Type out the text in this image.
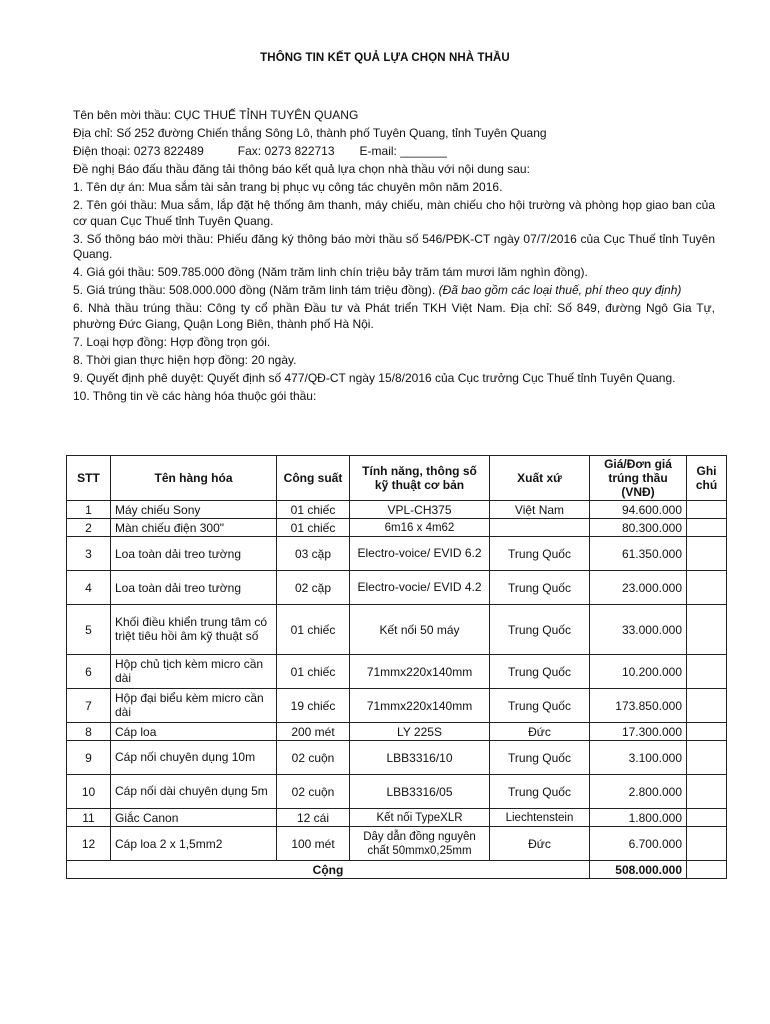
THÔNG TIN KẾT QUẢ LỰA CHỌN NHÀ THẦU

Tên bên mời thầu: CỤC THUẾ TỈNH TUYÊN QUANG

Địa chỉ: Số 252 đường Chiến thắng Sông Lô, thành phố Tuyên Quang, tỉnh Tuyên Quang

Điện thoại: 0273 822489	Fax: 0273 822713 E-mail: _______

Đề nghị Báo đấu thầu đăng tải thông báo kết quả lựa chọn nhà thầu với nội dung sau:

1. Tên dự án: Mua sắm tài sản trang bị phục vụ công tác chuyên môn năm 2016.

2. Tên gói thầu: Mua sắm, lắp đặt hệ thống âm thanh, máy chiếu, màn chiếu cho hội trường và phòng họp giao ban của cơ quan Cục Thuế tỉnh Tuyên Quang.

3. Số thông báo mời thầu: Phiếu đăng ký thông báo mời thầu số 546/PĐK-CT ngày 07/7/2016 của Cục Thuế tỉnh Tuyên Quang.

4. Giá gói thầu: 509.785.000 đồng (Năm trăm linh chín triệu bảy trăm tám mươi lăm nghìn đồng).

5. Giá trúng thầu: 508.000.000 đồng (Năm trăm linh tám triệu đồng). (Đã bao gồm các loại thuế, phí theo quy định)

6. Nhà thầu trúng thầu: Công ty cổ phần Đầu tư và Phát triển TKH Việt Nam. Địa chỉ: Số 849, đường Ngô Gia Tự, phường Đức Giang, Quận Long Biên, thành phố Hà Nội.

7. Loại hợp đồng: Hợp đồng trọn gói.

8. Thời gian thực hiện hợp đồng: 20 ngày.

9. Quyết định phê duyệt: Quyết định số 477/QĐ-CT ngày 15/8/2016 của Cục trưởng Cục Thuế tỉnh Tuyên Quang.

10. Thông tin về các hàng hóa thuộc gói thầu:

STT	Tên hàng hóa	Công suất	Tính năng, thông số kỹ thuật cơ bản	Xuất xứ	Giá/Đơn giá trúng thầu (VNĐ)	Ghi chú
1	Máy chiếu Sony	01 chiếc	VPL-CH375	Việt Nam	94.600.000	
2	Màn chiếu điện 300"	01 chiếc	6m16 x 4m62		80.300.000	
3	Loa toàn dải treo tường	03 cặp	Electro-voice/ EVID 6.2	Trung Quốc	61.350.000	
4	Loa toàn dải treo tường	02 cặp	Electro-vocie/ EVID 4.2	Trung Quốc	23.000.000	
5	Khối điều khiển trung tâm có triệt tiêu hồi âm kỹ thuật số	01 chiếc	Kết nối 50 máy	Trung Quốc	33.000.000	
6	Hộp chủ tịch kèm micro cần dài	01 chiếc	71mmx220x140mm	Trung Quốc	10.200.000	
7	Hộp đại biểu kèm micro cần dài	19 chiếc	71mmx220x140mm	Trung Quốc	173.850.000	
8	Cáp loa	200 mét	LY 225S	Đức	17.300.000	
9	Cáp nối chuyên dụng 10m	02 cuộn	LBB3316/10	Trung Quốc	3.100.000	
10	Cáp nối dài chuyên dụng 5m	02 cuộn	LBB3316/05	Trung Quốc	2.800.000	
11	Giắc Canon	12 cái	Kết nối TypeXLR	Liechtenstein	1.800.000	
12	Cáp loa 2 x 1,5mm2	100 mét	Dây dẫn đồng nguyên chất 50mmx0,25mm	Đức	6.700.000	
Cộng					508.000.000	
